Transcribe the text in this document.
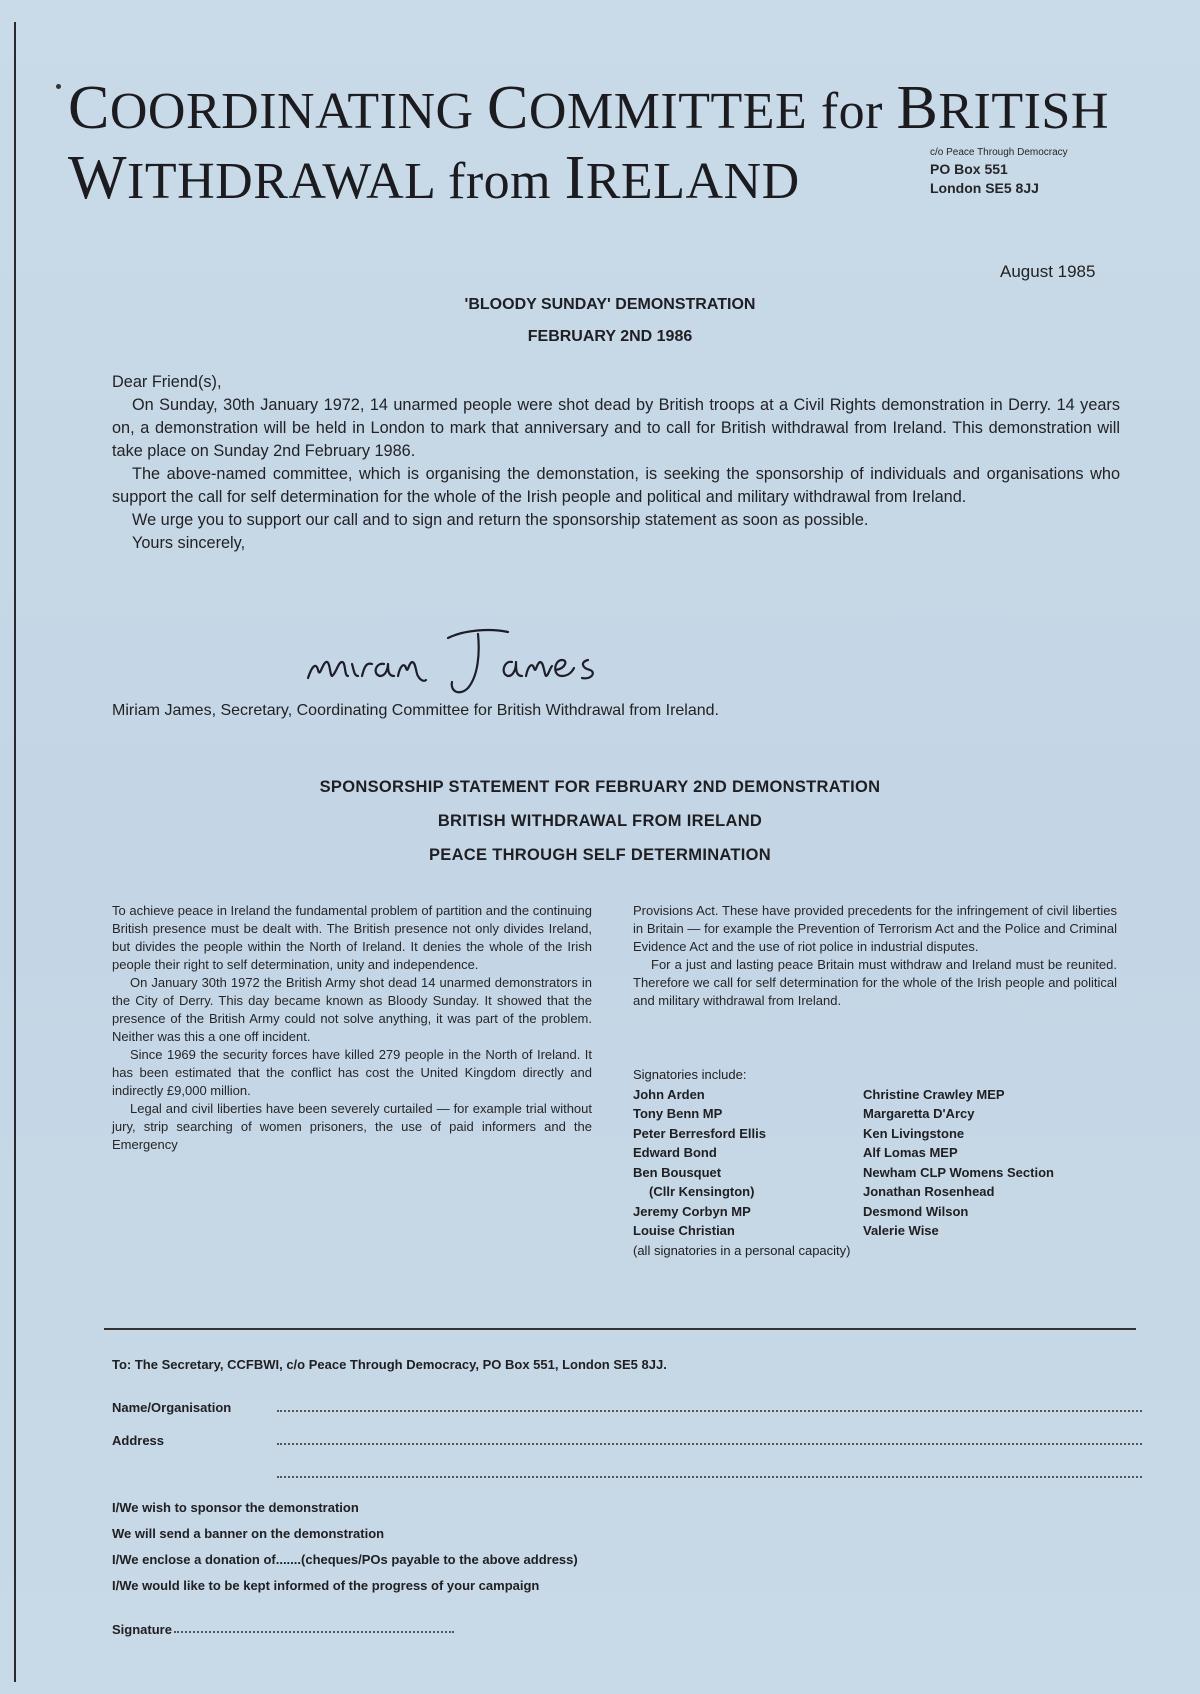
COORDINATING COMMITTEE for BRITISH
WITHDRAWAL from IRELAND
c/o Peace Through Democracy
PO Box 551
London SE5 8JJ
August 1985
'BLOODY SUNDAY' DEMONSTRATION
FEBRUARY 2ND 1986

Dear Friend(s),

On Sunday, 30th January 1972, 14 unarmed people were shot dead by British troops at a Civil Rights demonstration in Derry. 14 years on, a demonstration will be held in London to mark that anniversary and to call for British withdrawal from Ireland. This demonstration will take place on Sunday 2nd February 1986.

The above-named committee, which is organising the demonstation, is seeking the sponsorship of individuals and organisations who support the call for self determination for the whole of the Irish people and political and military withdrawal from Ireland.

We urge you to support our call and to sign and return the sponsorship statement as soon as possible.

Yours sincerely,

Miriam James, Secretary, Coordinating Committee for British Withdrawal from Ireland.
SPONSORSHIP STATEMENT FOR FEBRUARY 2ND DEMONSTRATION
BRITISH WITHDRAWAL FROM IRELAND
PEACE THROUGH SELF DETERMINATION

To achieve peace in Ireland the fundamental problem of partition and the continuing British presence must be dealt with. The British presence not only divides Ireland, but divides the people within the North of Ireland. It denies the whole of the Irish people their right to self determination, unity and independence.

On January 30th 1972 the British Army shot dead 14 unarmed demonstrators in the City of Derry. This day became known as Bloody Sunday. It showed that the presence of the British Army could not solve anything, it was part of the problem. Neither was this a one off incident.

Since 1969 the security forces have killed 279 people in the North of Ireland. It has been estimated that the conflict has cost the United Kingdom directly and indirectly £9,000 million.

Legal and civil liberties have been severely curtailed — for example trial without jury, strip searching of women prisoners, the use of paid informers and the Emergency

Provisions Act. These have provided precedents for the infringement of civil liberties in Britain — for example the Prevention of Terrorism Act and the Police and Criminal Evidence Act and the use of riot police in industrial disputes.

For a just and lasting peace Britain must withdraw and Ireland must be reunited. Therefore we call for self determination for the whole of the Irish people and political and military withdrawal from Ireland.

Signatories include:
John Arden
Tony Benn MP
Peter Berresford Ellis
Edward Bond
Ben Bousquet
(Cllr Kensington)
Jeremy Corbyn MP
Louise Christian
Christine Crawley MEP
Margaretta D'Arcy
Ken Livingstone
Alf Lomas MEP
Newham CLP Womens Section
Jonathan Rosenhead
Desmond Wilson
Valerie Wise
(all signatories in a personal capacity)
To: The Secretary, CCFBWI, c/o Peace Through Democracy, PO Box 551, London SE5 8JJ.
Name/Organisation
Address
I/We wish to sponsor the demonstration
We will send a banner on the demonstration
I/We enclose a donation of.......(cheques/POs payable to the above address)
I/We would like to be kept informed of the progress of your campaign
Signature
